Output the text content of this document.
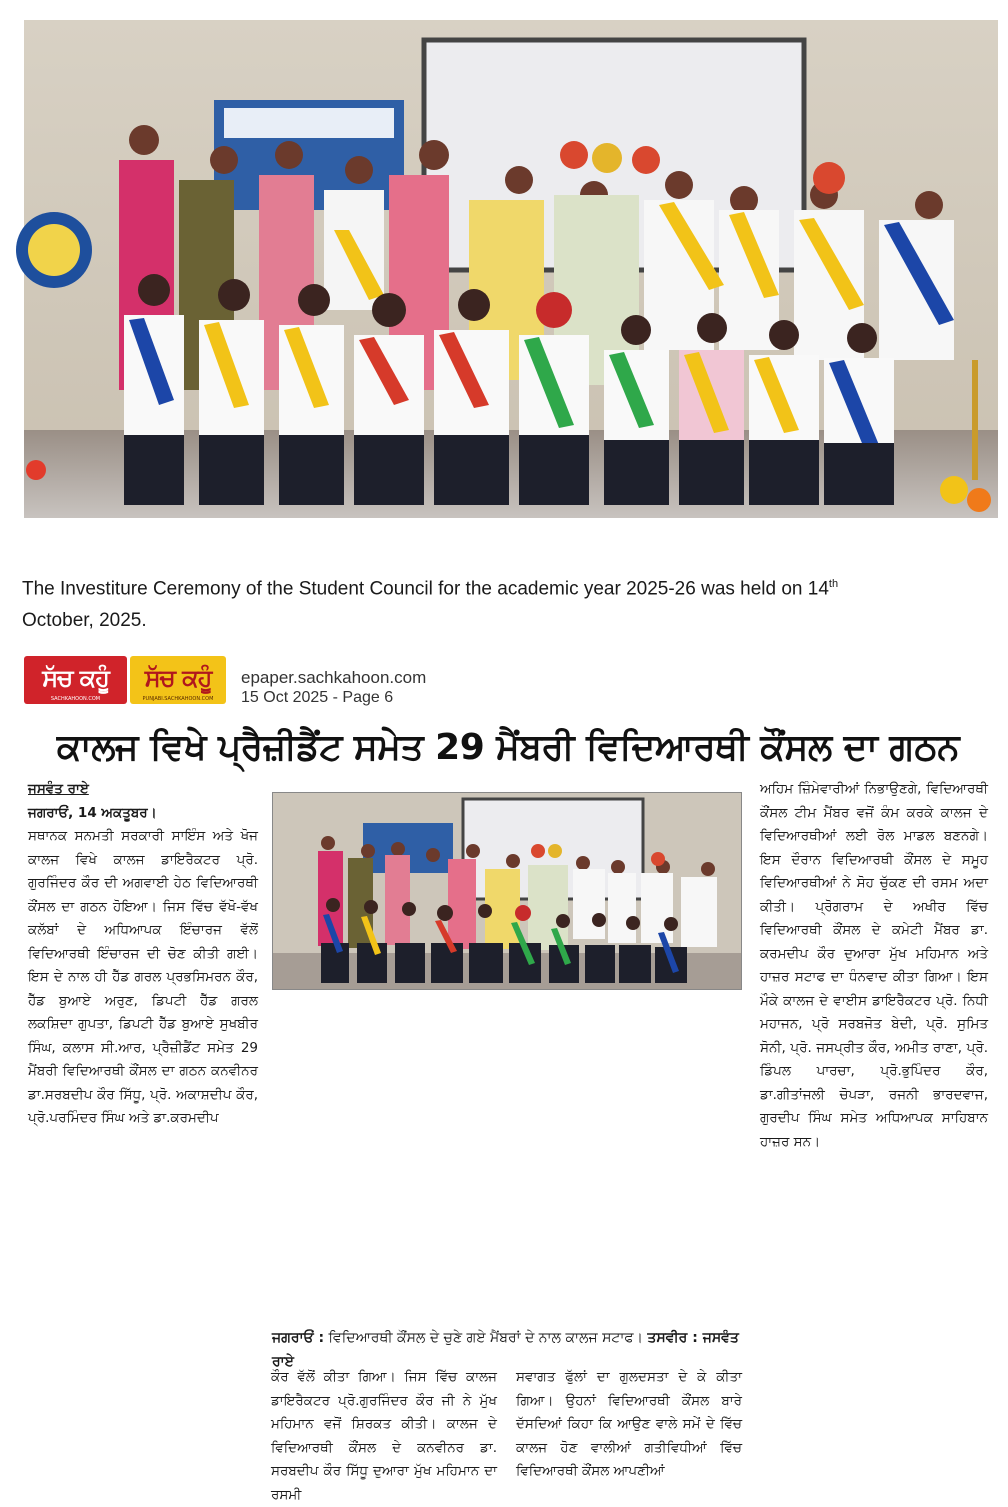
The Investiture Ceremony of the Student Council for the academic year 2025-26 was held on 14th
October, 2025.
ਸੱਚ ਕਹੂੰ
SACHKAHOON.COM
ਸੱਚ ਕਹੂੰ
PUNJABI.SACHKAHOON.COM
epaper.sachkahoon.com
15 Oct 2025 - Page 6
ਕਾਲਜ ਵਿਖੇ ਪ੍ਰੈਜ਼ੀਡੈਂਟ ਸਮੇਤ 29 ਮੈਂਬਰੀ ਵਿਦਿਆਰਥੀ ਕੌਂਸਲ ਦਾ ਗਠਨ
ਜਸਵੰਤ ਰਾਏ
ਜਗਰਾਓਂ, 14 ਅਕਤੂਬਰ।
ਸਥਾਨਕ ਸਨਮਤੀ ਸਰਕਾਰੀ ਸਾਇੰਸ ਅਤੇ ਖੋਜ ਕਾਲਜ ਵਿਖੇ ਕਾਲਜ ਡਾਇਰੈਕਟਰ ਪ੍ਰੋ. ਗੁਰਜਿੰਦਰ ਕੌਰ ਦੀ ਅਗਵਾਈ ਹੇਠ ਵਿਦਿਆਰਥੀ ਕੌਂਸਲ ਦਾ ਗਠਨ ਹੋਇਆ। ਜਿਸ ਵਿੱਚ ਵੱਖੋ-ਵੱਖ ਕਲੱਬਾਂ ਦੇ ਅਧਿਆਪਕ ਇੰਚਾਰਜ ਵੱਲੋਂ ਵਿਦਿਆਰਥੀ ਇੰਚਾਰਜ ਦੀ ਚੋਣ ਕੀਤੀ ਗਈ। ਇਸ ਦੇ ਨਾਲ ਹੀ ਹੈੱਡ ਗਰਲ ਪ੍ਰਭਸਿਮਰਨ ਕੌਰ, ਹੈੱਡ ਬੁਆਏ ਅਰੁਣ, ਡਿਪਟੀ ਹੈੱਡ ਗਰਲ ਲਕਸ਼ਿਦਾ ਗੁਪਤਾ, ਡਿਪਟੀ ਹੈੱਡ ਬੁਆਏ ਸੁਖਬੀਰ ਸਿੰਘ, ਕਲਾਸ ਸੀ.ਆਰ, ਪ੍ਰੈਜ਼ੀਡੈਂਟ ਸਮੇਤ 29 ਮੈਂਬਰੀ ਵਿਦਿਆਰਥੀ ਕੌਂਸਲ ਦਾ ਗਠਨ ਕਨਵੀਨਰ ਡਾ.ਸਰਬਦੀਪ ਕੌਰ ਸਿੱਧੂ, ਪ੍ਰੋ. ਅਕਾਸ਼ਦੀਪ ਕੌਰ, ਪ੍ਰੋ.ਪਰਮਿੰਦਰ ਸਿੰਘ ਅਤੇ ਡਾ.ਕਰਮਦੀਪ
ਜਗਰਾਓਂ : ਵਿਦਿਆਰਥੀ ਕੌਂਸਲ ਦੇ ਚੁਣੇ ਗਏ ਮੈਂਬਰਾਂ ਦੇ ਨਾਲ ਕਾਲਜ ਸਟਾਫ। ਤਸਵੀਰ : ਜਸਵੰਤ ਰਾਏ
ਕੌਰ ਵੱਲੋਂ ਕੀਤਾ ਗਿਆ। ਜਿਸ ਵਿੱਚ ਕਾਲਜ ਡਾਇਰੈਕਟਰ ਪ੍ਰੋ.ਗੁਰਜਿੰਦਰ ਕੌਰ ਜੀ ਨੇ ਮੁੱਖ ਮਹਿਮਾਨ ਵਜੋਂ ਸ਼ਿਰਕਤ ਕੀਤੀ। ਕਾਲਜ ਦੇ ਵਿਦਿਆਰਥੀ ਕੌਂਸਲ ਦੇ ਕਨਵੀਨਰ ਡਾ. ਸਰਬਦੀਪ ਕੌਰ ਸਿੱਧੂ ਦੁਆਰਾ ਮੁੱਖ ਮਹਿਮਾਨ ਦਾ ਰਸਮੀ
ਸਵਾਗਤ ਫੁੱਲਾਂ ਦਾ ਗੁਲਦਸਤਾ ਦੇ ਕੇ ਕੀਤਾ ਗਿਆ। ਉਹਨਾਂ ਵਿਦਿਆਰਥੀ ਕੌਂਸਲ ਬਾਰੇ ਦੱਸਦਿਆਂ ਕਿਹਾ ਕਿ ਆਉਣ ਵਾਲੇ ਸਮੇਂ ਦੇ ਵਿੱਚ ਕਾਲਜ ਹੋਣ ਵਾਲੀਆਂ ਗਤੀਵਿਧੀਆਂ ਵਿੱਚ ਵਿਦਿਆਰਥੀ ਕੌਂਸਲ ਆਪਣੀਆਂ
ਅਹਿਮ ਜ਼ਿੰਮੇਵਾਰੀਆਂ ਨਿਭਾਉਣਗੇ, ਵਿਦਿਆਰਥੀ ਕੌਂਸਲ ਟੀਮ ਮੈਂਬਰ ਵਜੋਂ ਕੰਮ ਕਰਕੇ ਕਾਲਜ ਦੇ ਵਿਦਿਆਰਥੀਆਂ ਲਈ ਰੋਲ ਮਾਡਲ ਬਣਨਗੇ। ਇਸ ਦੌਰਾਨ ਵਿਦਿਆਰਥੀ ਕੌਂਸਲ ਦੇ ਸਮੂਹ ਵਿਦਿਆਰਥੀਆਂ ਨੇ ਸੋਹ ਚੁੱਕਣ ਦੀ ਰਸਮ ਅਦਾ ਕੀਤੀ। ਪ੍ਰੋਗਰਾਮ ਦੇ ਅਖੀਰ ਵਿੱਚ ਵਿਦਿਆਰਥੀ ਕੌਂਸਲ ਦੇ ਕਮੇਟੀ ਮੈਂਬਰ ਡਾ. ਕਰਮਦੀਪ ਕੌਰ ਦੁਆਰਾ ਮੁੱਖ ਮਹਿਮਾਨ ਅਤੇ ਹਾਜ਼ਰ ਸਟਾਫ ਦਾ ਧੰਨਵਾਦ ਕੀਤਾ ਗਿਆ। ਇਸ ਮੌਕੇ ਕਾਲਜ ਦੇ ਵਾਈਸ ਡਾਇਰੈਕਟਰ ਪ੍ਰੋ. ਨਿਧੀ ਮਹਾਜਨ, ਪ੍ਰੋ ਸਰਬਜੋਤ ਬੇਦੀ, ਪ੍ਰੋ. ਸੁਮਿਤ ਸੋਨੀ, ਪ੍ਰੋ. ਜਸਪ੍ਰੀਤ ਕੌਰ, ਅਮੀਤ ਰਾਣਾ, ਪ੍ਰੋ. ਡਿੰਪਲ ਪਾਰਚਾ, ਪ੍ਰੋ.ਭੁਪਿੰਦਰ ਕੌਰ, ਡਾ.ਗੀਤਾਂਜਲੀ ਚੋਪੜਾ, ਰਜਨੀ ਭਾਰਦਵਾਜ, ਗੁਰਦੀਪ ਸਿੰਘ ਸਮੇਤ ਅਧਿਆਪਕ ਸਾਹਿਬਾਨ ਹਾਜ਼ਰ ਸਨ।
